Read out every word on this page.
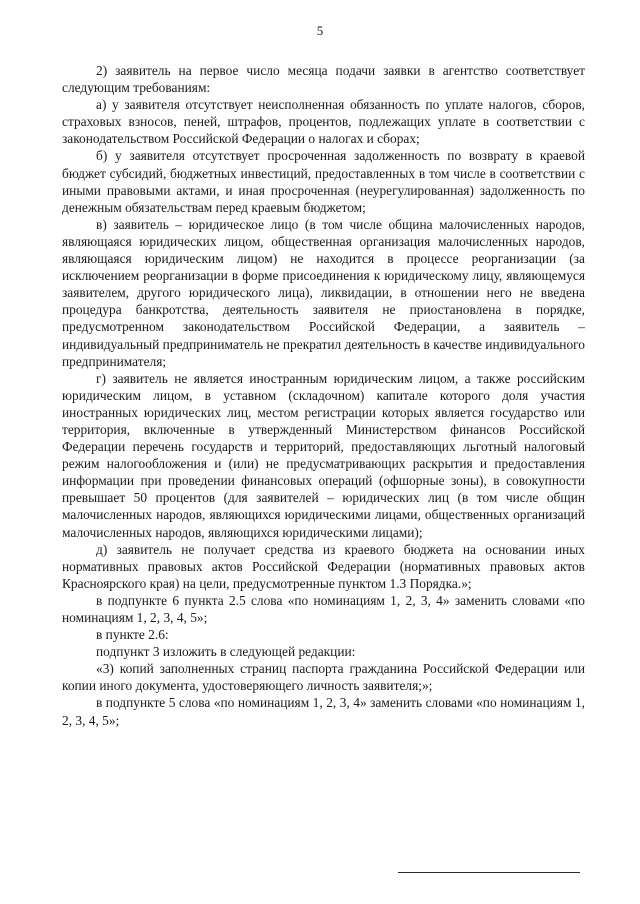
5

2) заявитель на первое число месяца подачи заявки в агентство соответствует следующим требованиям:

а) у заявителя отсутствует неисполненная обязанность по уплате налогов, сборов, страховых взносов, пеней, штрафов, процентов, подлежащих уплате в соответствии с законодательством Российской Федерации о налогах и сборах;

б) у заявителя отсутствует просроченная задолженность по возврату в краевой бюджет субсидий, бюджетных инвестиций, предоставленных в том числе в соответствии с иными правовыми актами, и иная просроченная (неурегулированная) задолженность по денежным обязательствам перед краевым бюджетом;

в) заявитель – юридическое лицо (в том числе община малочисленных народов, являющаяся юридических лицом, общественная организация малочисленных народов, являющаяся юридическим лицом) не находится в процессе реорганизации (за исключением реорганизации в форме присоединения к юридическому лицу, являющемуся заявителем, другого юридического лица), ликвидации, в отношении него не введена процедура банкротства, деятельность заявителя не приостановлена в порядке, предусмотренном законодательством Российской Федерации, а заявитель – индивидуальный предприниматель не прекратил деятельность в качестве индивидуального предпринимателя;

г) заявитель не является иностранным юридическим лицом, а также российским юридическим лицом, в уставном (складочном) капитале которого доля участия иностранных юридических лиц, местом регистрации которых является государство или территория, включенные в утвержденный Министерством финансов Российской Федерации перечень государств и территорий, предоставляющих льготный налоговый режим налогообложения и (или) не предусматривающих раскрытия и предоставления информации при проведении финансовых операций (офшорные зоны), в совокупности превышает 50 процентов (для заявителей – юридических лиц (в том числе общин малочисленных народов, являющихся юридическими лицами, общественных организаций малочисленных народов, являющихся юридическими лицами);

д) заявитель не получает средства из краевого бюджета на основании иных нормативных правовых актов Российской Федерации (нормативных правовых актов Красноярского края) на цели, предусмотренные пунктом 1.3 Порядка.»;

в подпункте 6 пункта 2.5 слова «по номинациям 1, 2, 3, 4» заменить словами «по номинациям 1, 2, 3, 4, 5»;

в пункте 2.6:

подпункт 3 изложить в следующей редакции:

«3) копий заполненных страниц паспорта гражданина Российской Федерации или копии иного документа, удостоверяющего личность заявителя;»;

в подпункте 5 слова «по номинациям 1, 2, 3, 4» заменить словами «по номинациям 1, 2, 3, 4, 5»;
